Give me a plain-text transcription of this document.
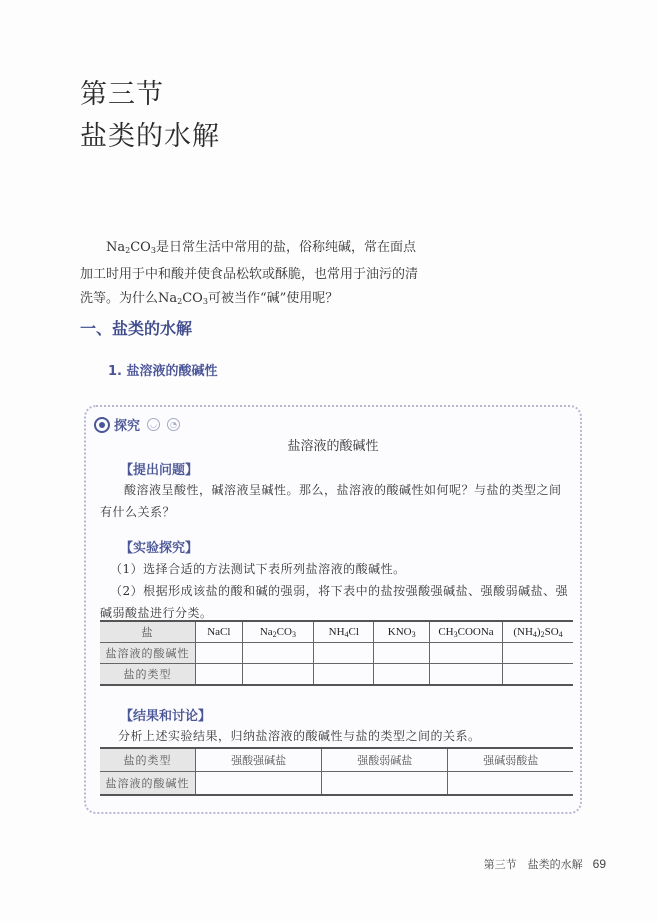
第三节
盐类的水解
$Na_2CO_3$是日常生活中常用的盐，俗称纯碱，常在面点
加工时用于中和酸并使食品松软或酥脆，也常用于油污的清
洗等。为什么$Na_2CO_3$可被当作“碱”使用呢？
一、盐类的水解
1. 盐溶液的酸碱性
探究	◡	◔
盐溶液的酸碱性
【提出问题】
酸溶液呈酸性，碱溶液呈碱性。那么，盐溶液的酸碱性如何呢？与盐的类型之间有什么关系？
【实验探究】
（1）选择合适的方法测试下表所列盐溶液的酸碱性。
（2）根据形成该盐的酸和碱的强弱，将下表中的盐按强酸强碱盐、强酸弱碱盐、强碱弱酸盐进行分类。
盐	NaCl	$Na_2CO_3$	$NH_4Cl$	$KNO_3$	$CH_3COONa$	$(NH_4)_2SO_4$
盐溶液的酸碱性						
盐的类型						
【结果和讨论】
分析上述实验结果，归纳盐溶液的酸碱性与盐的类型之间的关系。
盐的类型	强酸强碱盐	强酸弱碱盐	强碱弱酸盐
盐溶液的酸碱性			
第三节　盐类的水解 69
